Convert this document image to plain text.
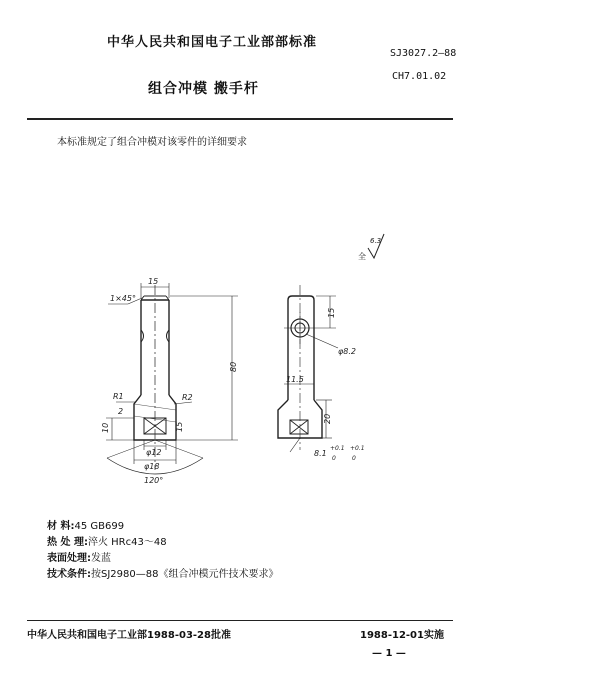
中华人民共和国电子工业部部标准
SJ3027.2—88
组合冲模 搬手杆
CH7.01.02
本标准规定了组合冲模对该零件的详细要求
全
6.3
15
1×45°
80
R1	R2
2
10	15
φ12
φ18
120°
15
φ8.2
11.5
20
8.1
+0.1
0
+0.1
0
材 料:45 GB699
热 处 理:淬火 HRc43～48
表面处理:发蓝
技术条件:按SJ2980—88《组合冲模元件技术要求》
中华人民共和国电子工业部1988-03-28批准	1988-12-01实施
— 1 —
